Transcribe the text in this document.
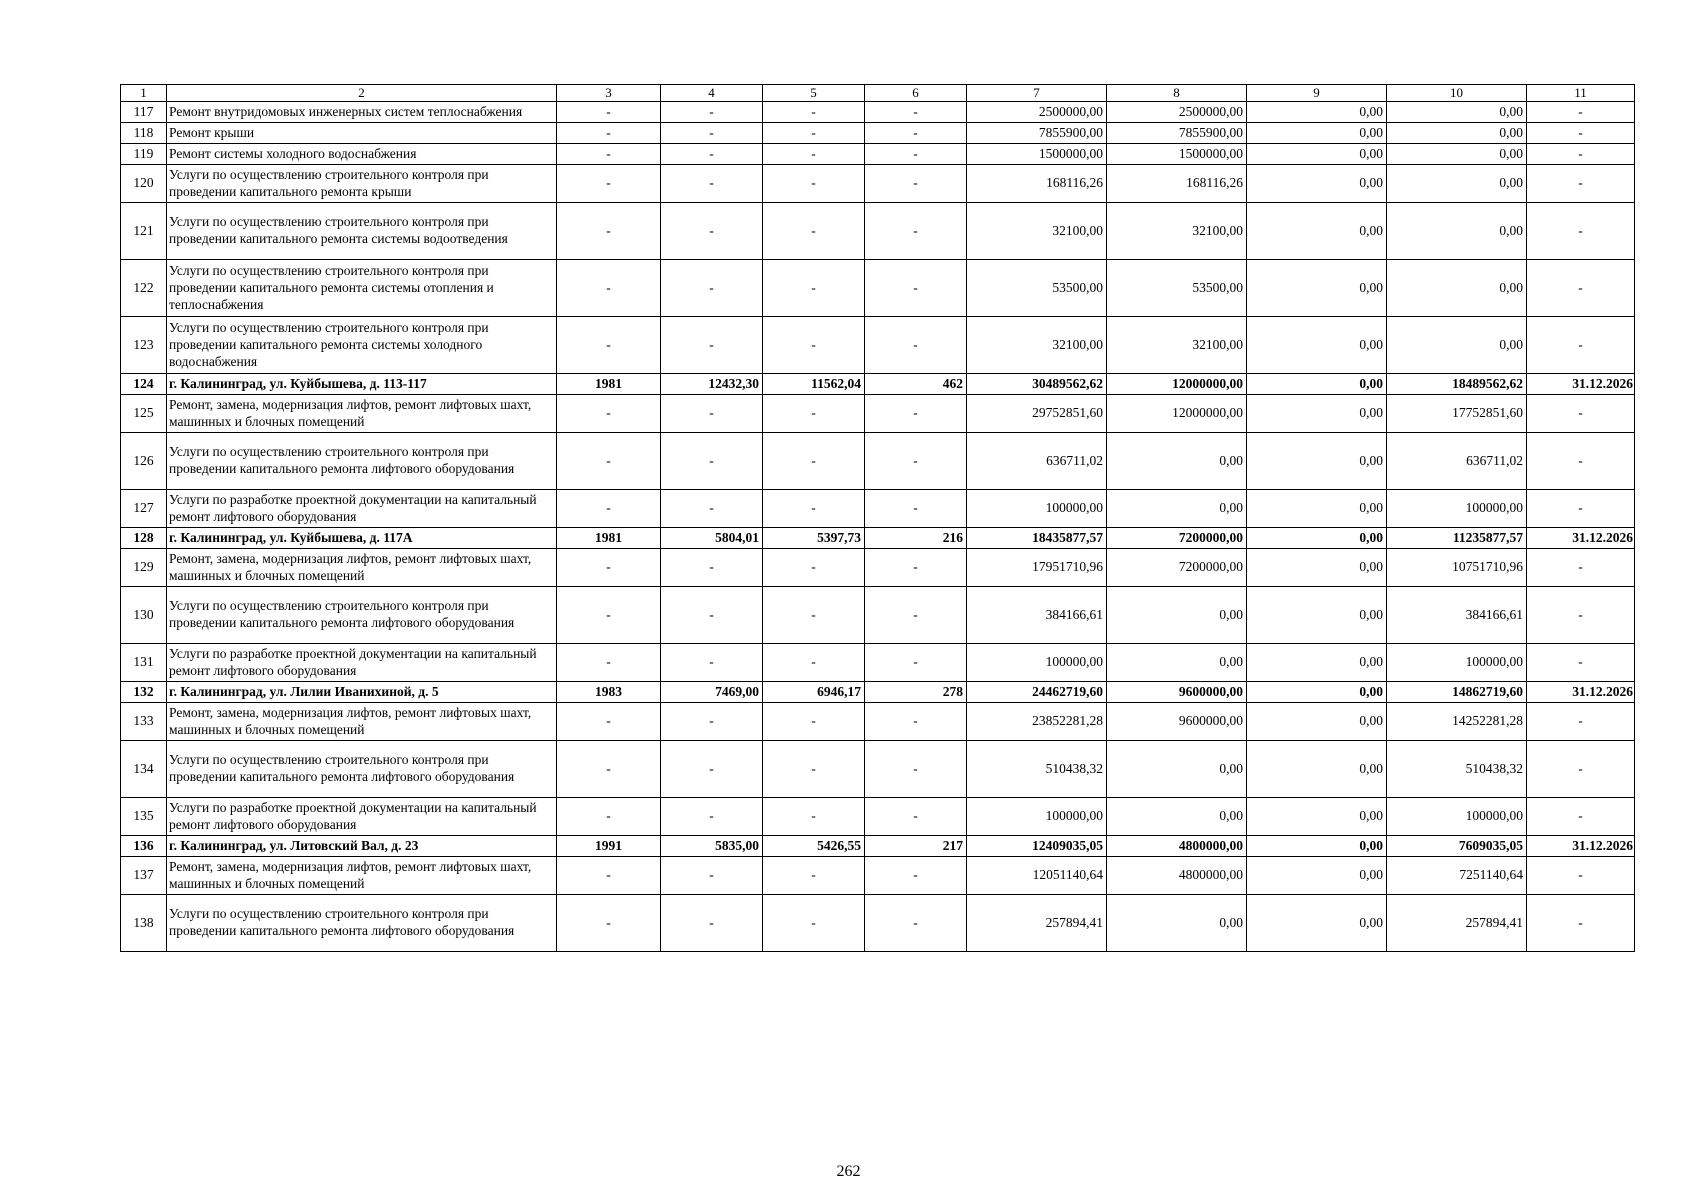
1	2	3	4	5	6	7	8	9	10	11
117	Ремонт внутридомовых инженерных систем теплоснабжения	-	-	-	-	2500000,00	2500000,00	0,00	0,00	-
118	Ремонт крыши	-	-	-	-	7855900,00	7855900,00	0,00	0,00	-
119	Ремонт системы холодного водоснабжения	-	-	-	-	1500000,00	1500000,00	0,00	0,00	-
120	Услуги по осуществлению строительного контроля при проведении капитального ремонта крыши	-	-	-	-	168116,26	168116,26	0,00	0,00	-
121	Услуги по осуществлению строительного контроля при проведении капитального ремонта системы водоотведения	-	-	-	-	32100,00	32100,00	0,00	0,00	-
122	Услуги по осуществлению строительного контроля при проведении капитального ремонта системы отопления и теплоснабжения	-	-	-	-	53500,00	53500,00	0,00	0,00	-
123	Услуги по осуществлению строительного контроля при проведении капитального ремонта системы холодного водоснабжения	-	-	-	-	32100,00	32100,00	0,00	0,00	-
124	г. Калининград, ул. Куйбышева, д. 113-117	1981	12432,30	11562,04	462	30489562,62	12000000,00	0,00	18489562,62	31.12.2026
125	Ремонт, замена, модернизация лифтов, ремонт лифтовых шахт, машинных и блочных помещений	-	-	-	-	29752851,60	12000000,00	0,00	17752851,60	-
126	Услуги по осуществлению строительного контроля при проведении капитального ремонта лифтового оборудования	-	-	-	-	636711,02	0,00	0,00	636711,02	-
127	Услуги по разработке проектной документации на капитальный ремонт лифтового оборудования	-	-	-	-	100000,00	0,00	0,00	100000,00	-
128	г. Калининград, ул. Куйбышева, д. 117А	1981	5804,01	5397,73	216	18435877,57	7200000,00	0,00	11235877,57	31.12.2026
129	Ремонт, замена, модернизация лифтов, ремонт лифтовых шахт, машинных и блочных помещений	-	-	-	-	17951710,96	7200000,00	0,00	10751710,96	-
130	Услуги по осуществлению строительного контроля при проведении капитального ремонта лифтового оборудования	-	-	-	-	384166,61	0,00	0,00	384166,61	-
131	Услуги по разработке проектной документации на капитальный ремонт лифтового оборудования	-	-	-	-	100000,00	0,00	0,00	100000,00	-
132	г. Калининград, ул. Лилии Иванихиной, д. 5	1983	7469,00	6946,17	278	24462719,60	9600000,00	0,00	14862719,60	31.12.2026
133	Ремонт, замена, модернизация лифтов, ремонт лифтовых шахт, машинных и блочных помещений	-	-	-	-	23852281,28	9600000,00	0,00	14252281,28	-
134	Услуги по осуществлению строительного контроля при проведении капитального ремонта лифтового оборудования	-	-	-	-	510438,32	0,00	0,00	510438,32	-
135	Услуги по разработке проектной документации на капитальный ремонт лифтового оборудования	-	-	-	-	100000,00	0,00	0,00	100000,00	-
136	г. Калининград, ул. Литовский Вал, д. 23	1991	5835,00	5426,55	217	12409035,05	4800000,00	0,00	7609035,05	31.12.2026
137	Ремонт, замена, модернизация лифтов, ремонт лифтовых шахт, машинных и блочных помещений	-	-	-	-	12051140,64	4800000,00	0,00	7251140,64	-
138	Услуги по осуществлению строительного контроля при проведении капитального ремонта лифтового оборудования	-	-	-	-	257894,41	0,00	0,00	257894,41	-
262
